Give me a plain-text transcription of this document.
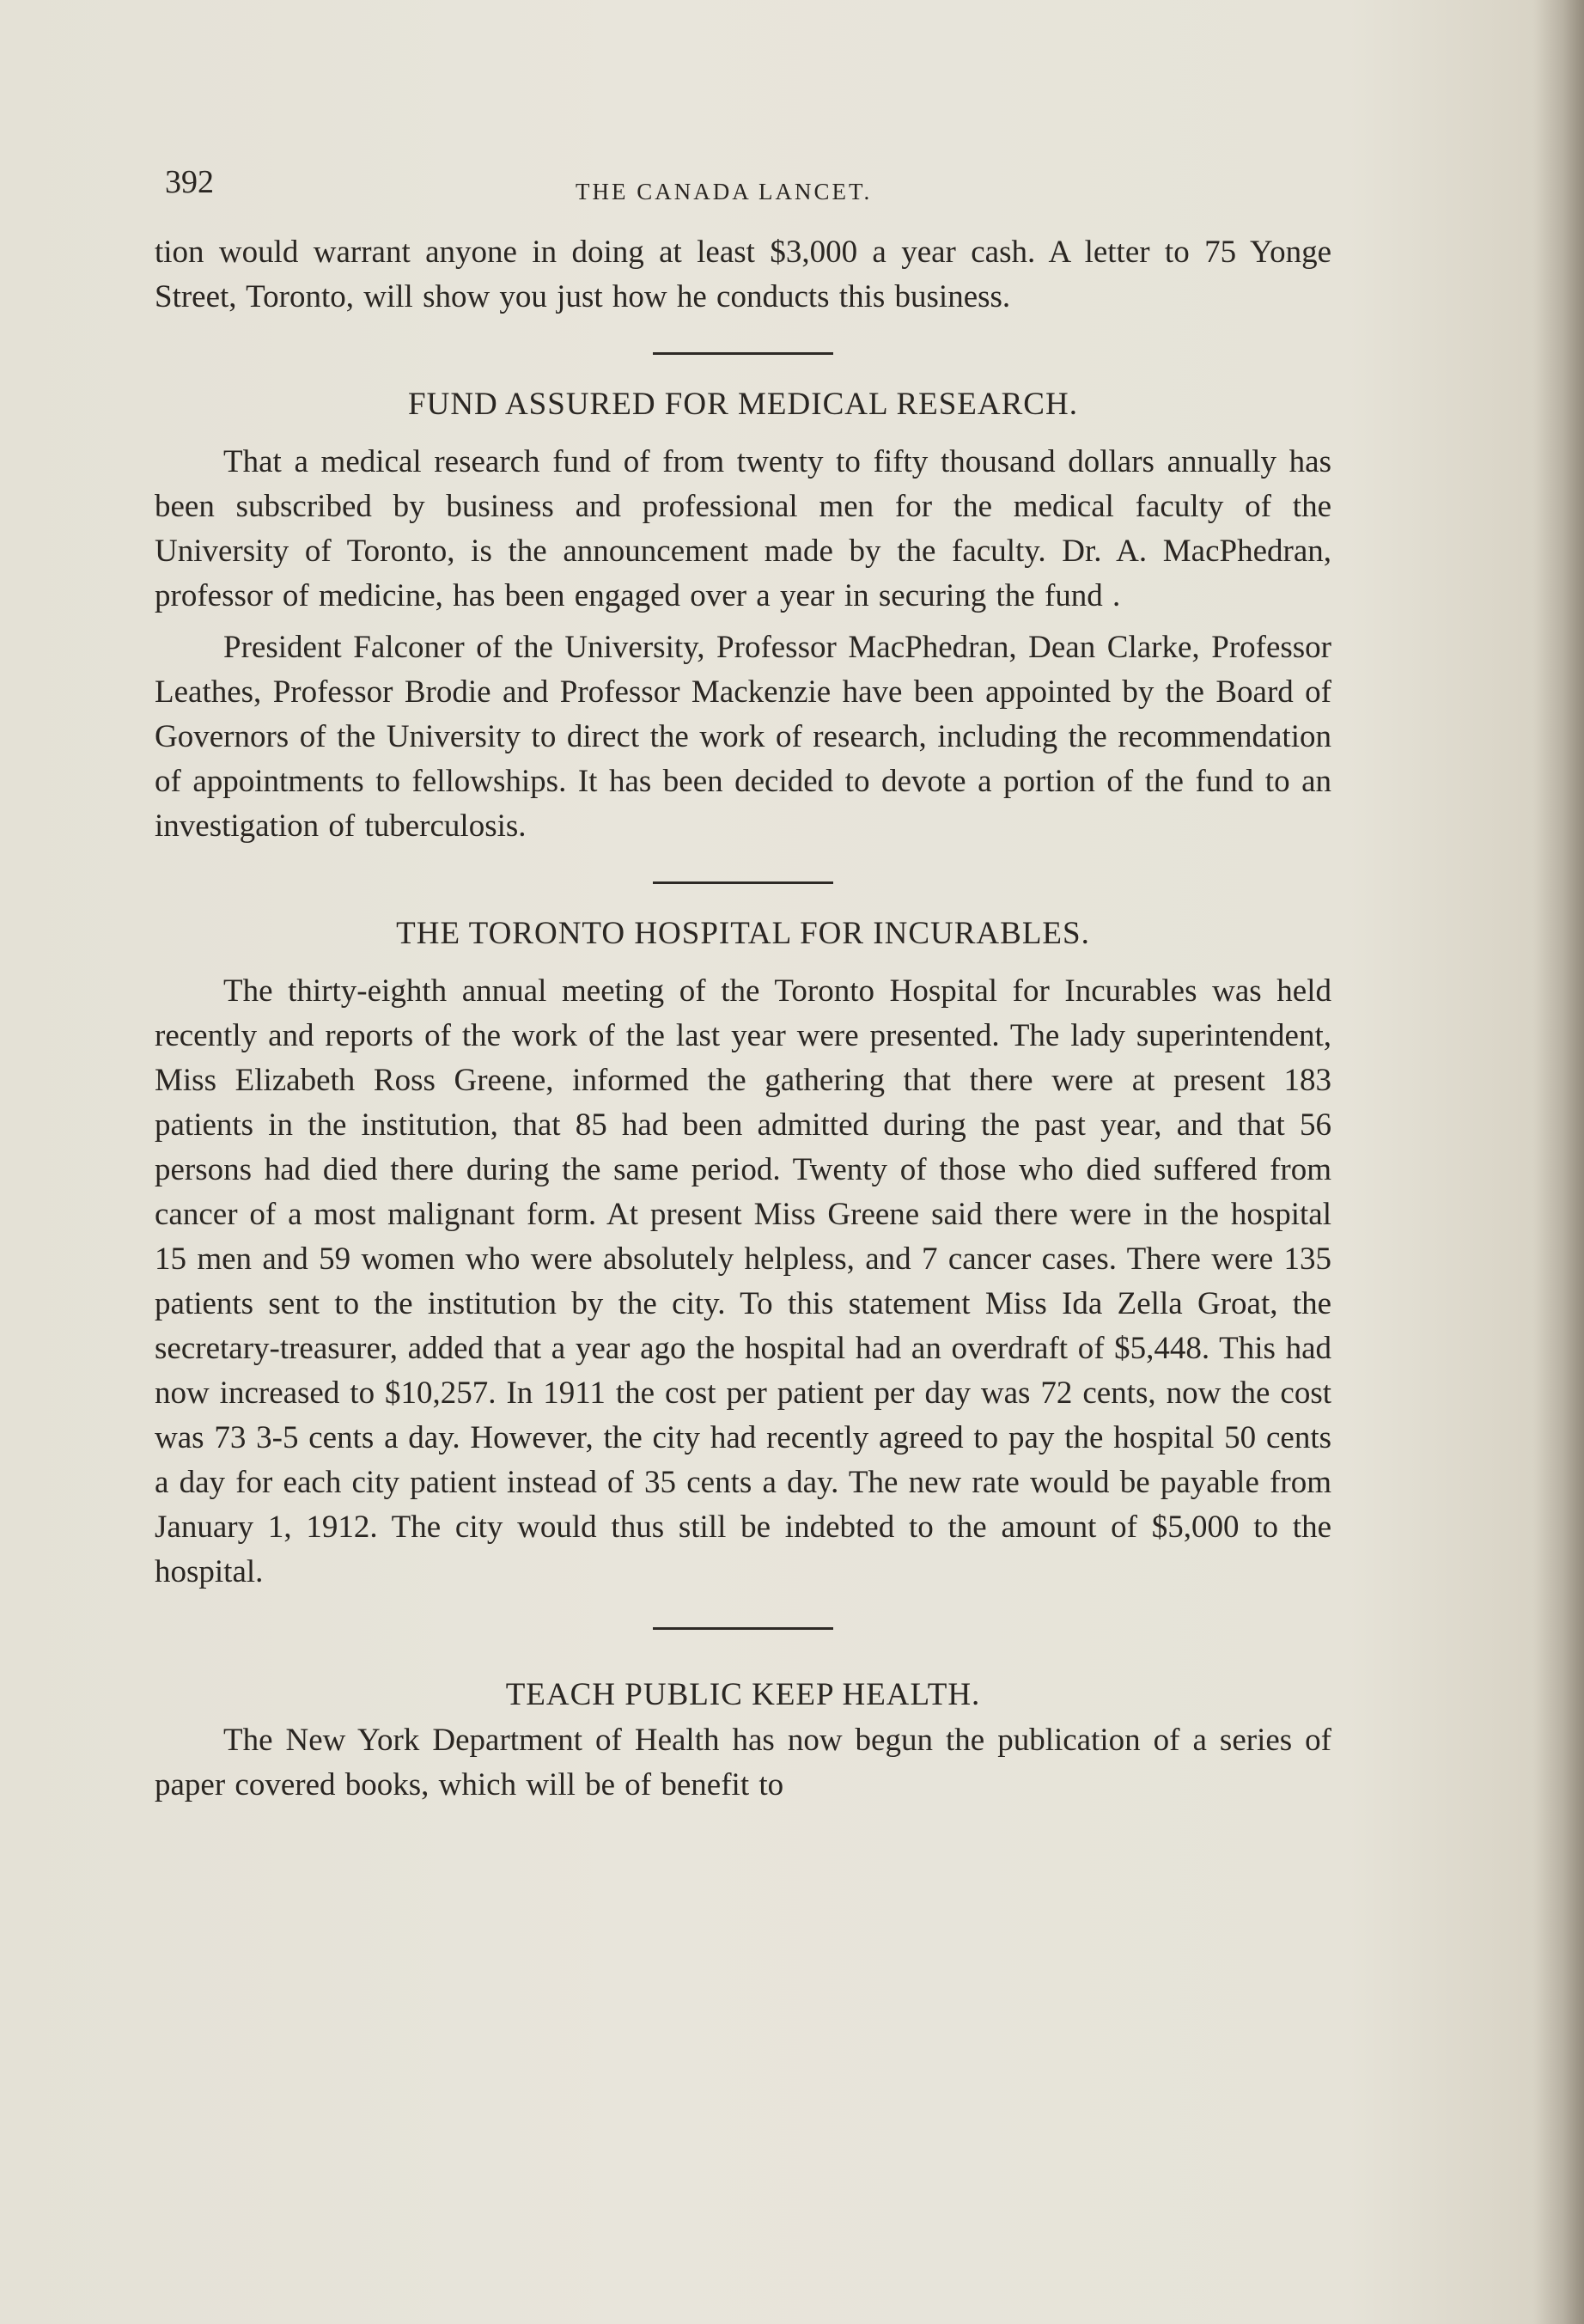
392	THE CANADA LANCET.

tion would warrant anyone in doing at least $3,000 a year cash. A letter to 75 Yonge Street, Toronto, will show you just how he conducts this business.

FUND ASSURED FOR MEDICAL RESEARCH.

That a medical research fund of from twenty to fifty thousand dollars annually has been subscribed by business and professional men for the medical faculty of the University of Toronto, is the announcement made by the faculty. Dr. A. MacPhedran, professor of medicine, has been engaged over a year in securing the fund .

President Falconer of the University, Professor MacPhedran, Dean Clarke, Professor Leathes, Professor Brodie and Professor Mackenzie have been appointed by the Board of Governors of the University to direct the work of research, including the recommendation of appointments to fellowships. It has been decided to devote a portion of the fund to an investigation of tuberculosis.

THE TORONTO HOSPITAL FOR INCURABLES.

The thirty-eighth annual meeting of the Toronto Hospital for Incurables was held recently and reports of the work of the last year were presented. The lady superintendent, Miss Elizabeth Ross Greene, informed the gathering that there were at present 183 patients in the institution, that 85 had been admitted during the past year, and that 56 persons had died there during the same period. Twenty of those who died suffered from cancer of a most malignant form. At present Miss Greene said there were in the hospital 15 men and 59 women who were absolutely helpless, and 7 cancer cases. There were 135 patients sent to the institution by the city. To this statement Miss Ida Zella Groat, the secretary-treasurer, added that a year ago the hospital had an overdraft of $5,448. This had now increased to $10,257. In 1911 the cost per patient per day was 72 cents, now the cost was 73 3-5 cents a day. However, the city had recently agreed to pay the hospital 50 cents a day for each city patient instead of 35 cents a day. The new rate would be payable from January 1, 1912. The city would thus still be indebted to the amount of $5,000 to the hospital.

TEACH PUBLIC KEEP HEALTH.

The New York Department of Health has now begun the publication of a series of paper covered books, which will be of benefit to
